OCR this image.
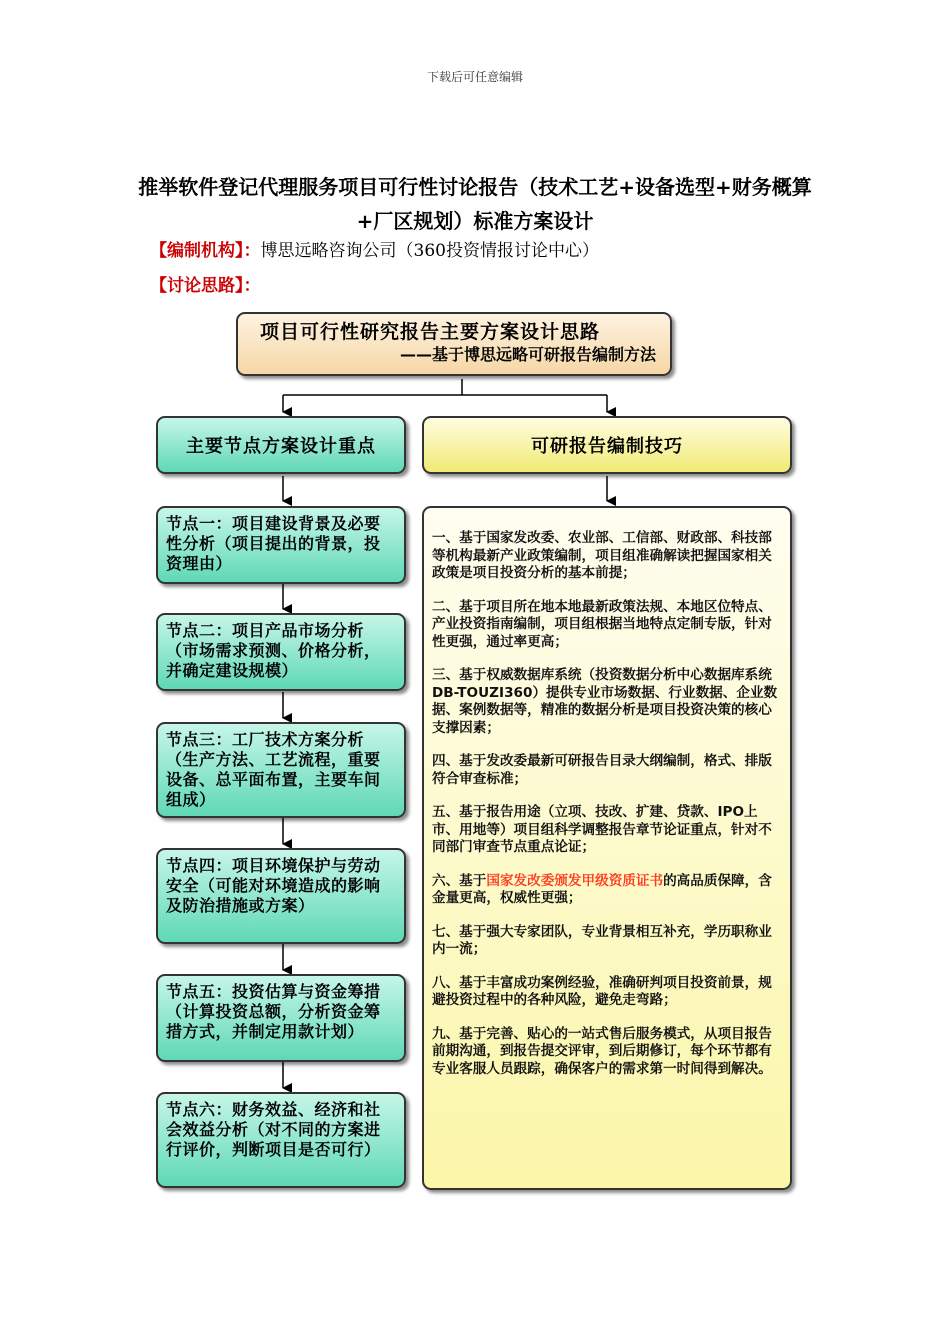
下载后可任意编辑
推举软件登记代理服务项目可行性讨论报告（技术工艺+设备选型+财务概算+厂区规划）标准方案设计
【编制机构】：博思远略咨询公司（360投资情报讨论中心）
【讨论思路】：
项目可行性研究报告主要方案设计思路
——基于博思远略可研报告编制方法
主要节点方案设计重点	可研报告编制技巧
节点一：项目建设背景及必要性分析（项目提出的背景，投资理由）
节点二：项目产品市场分析（市场需求预测、价格分析，并确定建设规模）
节点三：工厂技术方案分析（生产方法、工艺流程，重要设备、总平面布置，主要车间组成）
节点四：项目环境保护与劳动安全（可能对环境造成的影响及防治措施或方案）
节点五：投资估算与资金筹措（计算投资总额，分析资金筹措方式，并制定用款计划）
节点六：财务效益、经济和社会效益分析（对不同的方案进行评价，判断项目是否可行）

一、基于国家发改委、农业部、工信部、财政部、科技部等机构最新产业政策编制，项目组准确解读把握国家相关政策是项目投资分析的基本前提；

二、基于项目所在地本地最新政策法规、本地区位特点、产业投资指南编制，项目组根据当地特点定制专版，针对性更强，通过率更高；

三、基于权威数据库系统（投资数据分析中心数据库系统DB-TOUZI360）提供专业市场数据、行业数据、企业数据、案例数据等，精准的数据分析是项目投资决策的核心支撑因素；

四、基于发改委最新可研报告目录大纲编制，格式、排版符合审查标准；

五、基于报告用途（立项、技改、扩建、贷款、IPO上市、用地等）项目组科学调整报告章节论证重点，针对不同部门审查节点重点论证；

六、基于国家发改委颁发甲级资质证书的高品质保障，含金量更高，权威性更强；

七、基于强大专家团队，专业背景相互补充，学历职称业内一流；

八、基于丰富成功案例经验，准确研判项目投资前景，规避投资过程中的各种风险，避免走弯路；

九、基于完善、贴心的一站式售后服务模式，从项目报告前期沟通，到报告提交评审，到后期修订，每个环节都有专业客服人员跟踪，确保客户的需求第一时间得到解决。
